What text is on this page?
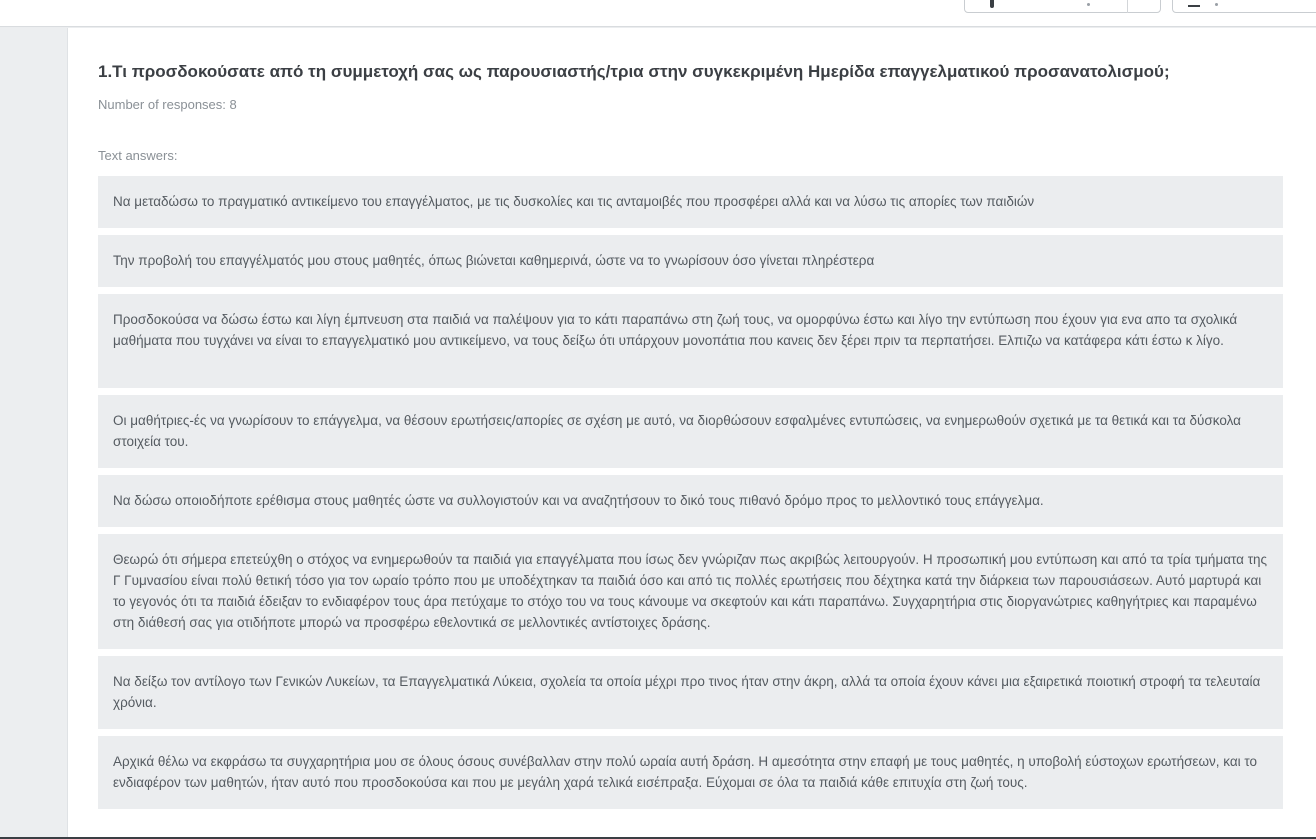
1.Τι προσδοκούσατε από τη συμμετοχή σας ως παρουσιαστής/τρια στην συγκεκριμένη Ημερίδα επαγγελματικού προσανατολισμού;
Number of responses: 8
Text answers:
Να μεταδώσω το πραγματικό αντικείμενο του επαγγέλματος, με τις δυσκολίες και τις ανταμοιβές που προσφέρει αλλά και να λύσω τις απορίες των παιδιών
Την προβολή του επαγγέλματός μου στους μαθητές, όπως βιώνεται καθημερινά, ώστε να το γνωρίσουν όσο γίνεται πληρέστερα
Προσδοκούσα να δώσω έστω και λίγη έμπνευση στα παιδιά να παλέψουν για το κάτι παραπάνω στη ζωή τους, να ομορφύνω έστω και λίγο την εντύπωση που έχουν για ενα απο τα σχολικά μαθήματα που τυγχάνει να είναι το επαγγελματικό μου αντικείμενο, να τους δείξω ότι υπάρχουν μονοπάτια που κανεις δεν ξέρει πριν τα περπατήσει. Ελπιζω να κατάφερα κάτι έστω κ λίγο.
Οι μαθήτριες-ές να γνωρίσουν το επάγγελμα, να θέσουν ερωτήσεις/απορίες σε σχέση με αυτό, να διορθώσουν εσφαλμένες εντυπώσεις, να ενημερωθούν σχετικά με τα θετικά και τα δύσκολα στοιχεία του.
Να δώσω οποιοδήποτε ερέθισμα στους μαθητές ώστε να συλλογιστούν και να αναζητήσουν το δικό τους πιθανό δρόμο προς το μελλοντικό τους επάγγελμα.
Θεωρώ ότι σήμερα επετεύχθη ο στόχος να ενημερωθούν τα παιδιά για επαγγέλματα που ίσως δεν γνώριζαν πως ακριβώς λειτουργούν. Η προσωπική μου εντύπωση και από τα τρία τμήματα της Γ Γυμνασίου είναι πολύ θετική τόσο για τον ωραίο τρόπο που με υποδέχτηκαν τα παιδιά όσο και από τις πολλές ερωτήσεις που δέχτηκα κατά την διάρκεια των παρουσιάσεων. Αυτό μαρτυρά και το γεγονός ότι τα παιδιά έδειξαν το ενδιαφέρον τους άρα πετύχαμε το στόχο του να τους κάνουμε να σκεφτούν και κάτι παραπάνω. Συγχαρητήρια στις διοργανώτριες καθηγήτριες και παραμένω στη διάθεσή σας για οτιδήποτε μπορώ να προσφέρω εθελοντικά σε μελλοντικές αντίστοιχες δράσης.
Να δείξω τον αντίλογο των Γενικών Λυκείων, τα Επαγγελματικά Λύκεια, σχολεία τα οποία μέχρι προ τινος ήταν στην άκρη, αλλά τα οποία έχουν κάνει μια εξαιρετικά ποιοτική στροφή τα τελευταία χρόνια.
Αρχικά θέλω να εκφράσω τα συγχαρητήρια μου σε όλους όσους συνέβαλλαν στην πολύ ωραία αυτή δράση. Η αμεσότητα στην επαφή με τους μαθητές, η υποβολή εύστοχων ερωτήσεων, και το ενδιαφέρον των μαθητών, ήταν αυτό που προσδοκούσα και που με μεγάλη χαρά τελικά εισέπραξα. Εύχομαι σε όλα τα παιδιά κάθε επιτυχία στη ζωή τους.
